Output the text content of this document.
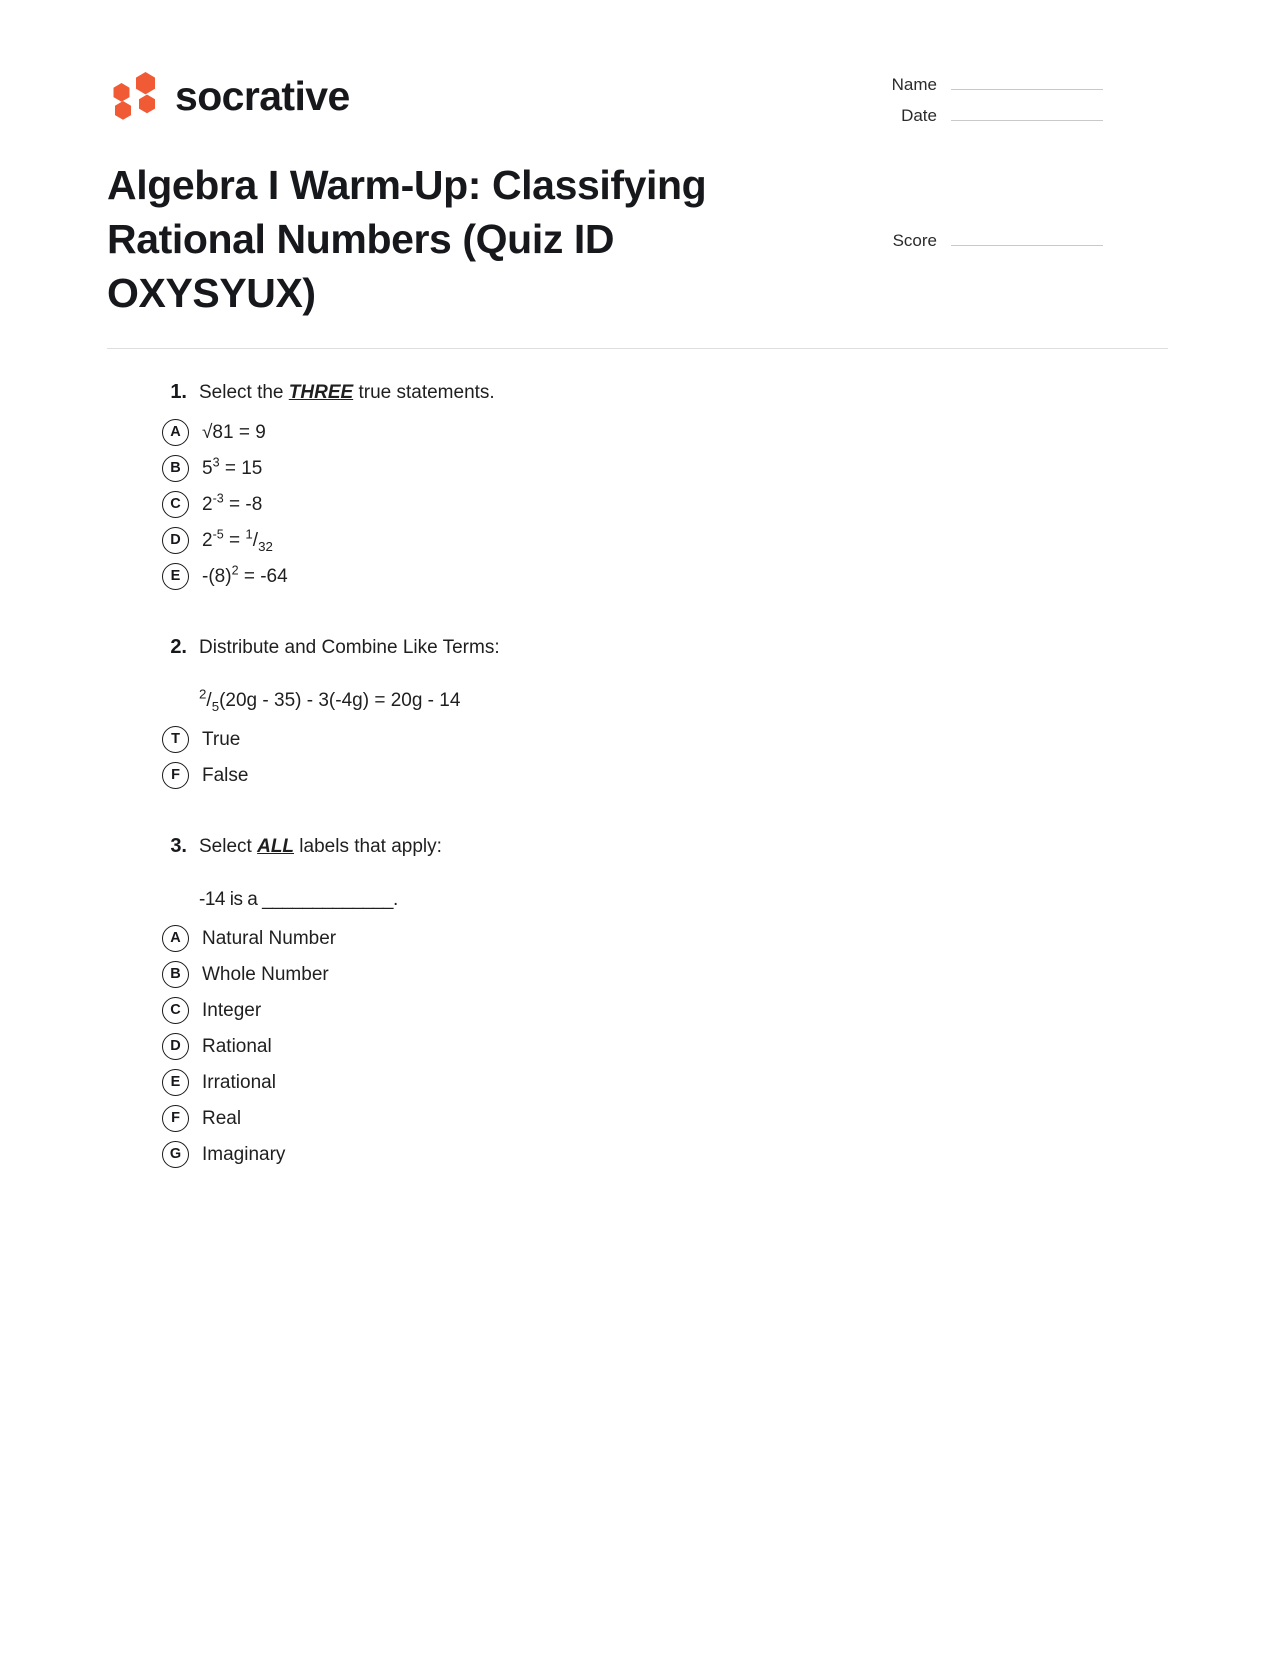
socrative	Name
Date
Algebra I Warm-Up: Classifying Rational Numbers (Quiz ID OXYSYUX)
Score
1. Select the THREE true statements.
A	√81 = 9
B	$5^3 = 15$
C	$2^{-3} = -8$
D	$2^{-5} = ^1/_{32}$
E	$-(8)^2 = -64$
2. Distribute and Combine Like Terms:
$^2/_5(20g - 35) - 3(-4g) = 20g - 14$
T	True
F	False
3. Select ALL labels that apply:
-14 is a _____________.
A	Natural Number
B	Whole Number
C	Integer
D	Rational
E	Irrational
F	Real
G	Imaginary
